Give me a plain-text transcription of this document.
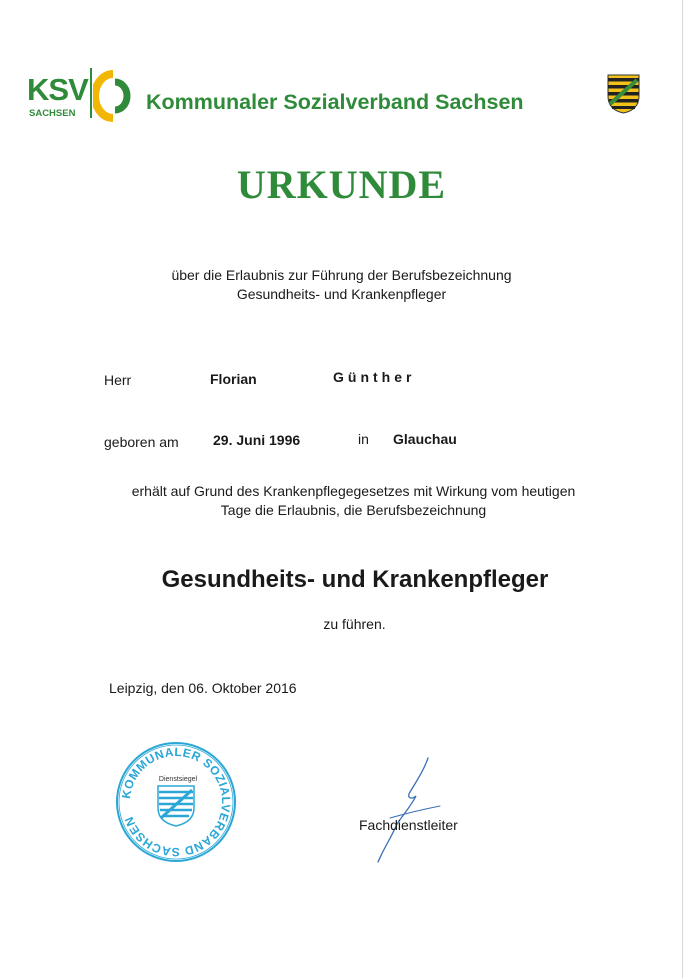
KSV
SACHSEN	Kommunaler Sozialverband Sachsen
URKUNDE
über die Erlaubnis zur Führung der Berufsbezeichnung
Gesundheits- und Krankenpfleger
Herr	Florian	Günther
geboren am 29. Juni 1996	in Glauchau
erhält auf Grund des Krankenpflegegesetzes mit Wirkung vom heutigen
Tage die Erlaubnis, die Berufsbezeichnung
Gesundheits- und Krankenpfleger
zu führen.
Leipzig, den 06. Oktober 2016
KOMMUNALER SOZIALVERBAND SACHSEN
Dienstsiegel
Fachdienstleiter
